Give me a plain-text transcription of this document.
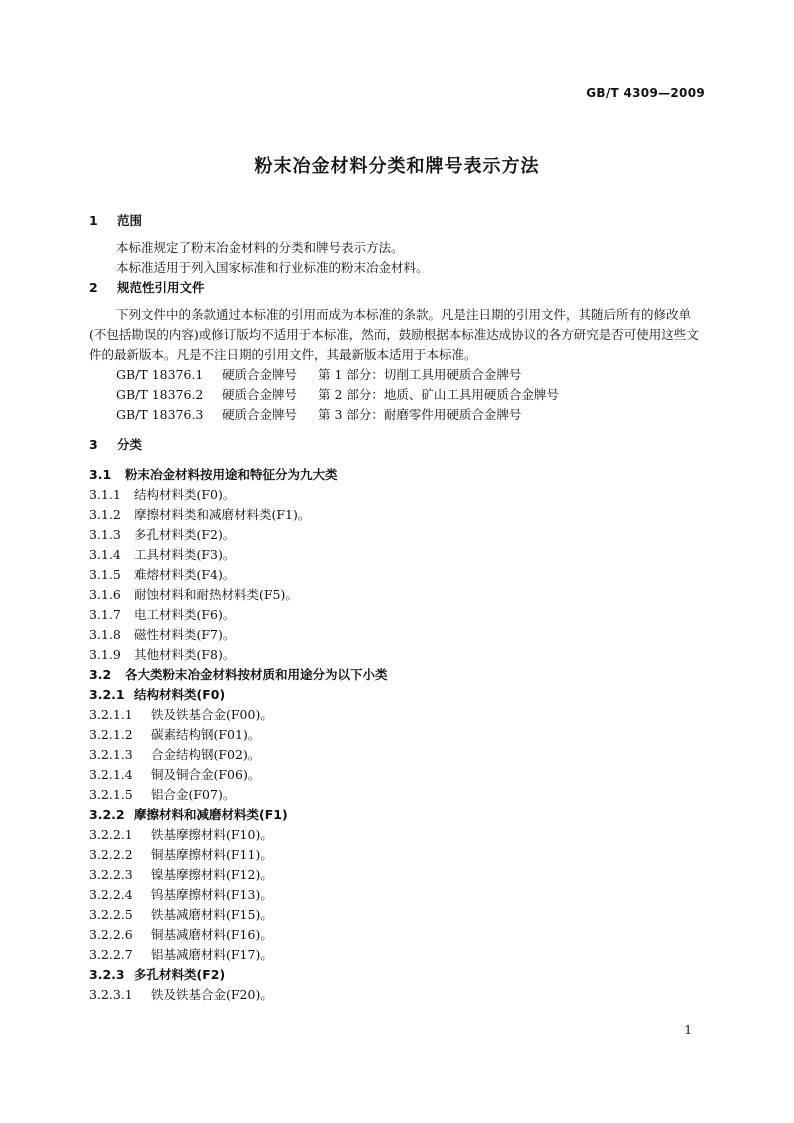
GB/T 4309—2009
粉末冶金材料分类和牌号表示方法
1 范围
本标准规定了粉末冶金材料的分类和牌号表示方法。
本标准适用于列入国家标准和行业标准的粉末冶金材料。
2 规范性引用文件
下列文件中的条款通过本标准的引用而成为本标准的条款。凡是注日期的引用文件，其随后所有的修改单(不包括勘误的内容)或修订版均不适用于本标准，然而，鼓励根据本标准达成协议的各方研究是否可使用这些文件的最新版本。凡是不注日期的引用文件，其最新版本适用于本标准。
GB/T 18376.1 硬质合金牌号 第 1 部分：切削工具用硬质合金牌号
GB/T 18376.2 硬质合金牌号 第 2 部分：地质、矿山工具用硬质合金牌号
GB/T 18376.3 硬质合金牌号 第 3 部分：耐磨零件用硬质合金牌号
3 分类
3.1 粉末冶金材料按用途和特征分为九大类
3.1.1 结构材料类(F0)。
3.1.2 摩擦材料类和减磨材料类(F1)。
3.1.3 多孔材料类(F2)。
3.1.4 工具材料类(F3)。
3.1.5 难熔材料类(F4)。
3.1.6 耐蚀材料和耐热材料类(F5)。
3.1.7 电工材料类(F6)。
3.1.8 磁性材料类(F7)。
3.1.9 其他材料类(F8)。
3.2 各大类粉末冶金材料按材质和用途分为以下小类
3.2.1 结构材料类(F0)
3.2.1.1 铁及铁基合金(F00)。
3.2.1.2 碳素结构钢(F01)。
3.2.1.3 合金结构钢(F02)。
3.2.1.4 铜及铜合金(F06)。
3.2.1.5 铝合金(F07)。
3.2.2 摩擦材料和减磨材料类(F1)
3.2.2.1 铁基摩擦材料(F10)。
3.2.2.2 铜基摩擦材料(F11)。
3.2.2.3 镍基摩擦材料(F12)。
3.2.2.4 钨基摩擦材料(F13)。
3.2.2.5 铁基减磨材料(F15)。
3.2.2.6 铜基减磨材料(F16)。
3.2.2.7 铝基减磨材料(F17)。
3.2.3 多孔材料类(F2)
3.2.3.1 铁及铁基合金(F20)。
1
